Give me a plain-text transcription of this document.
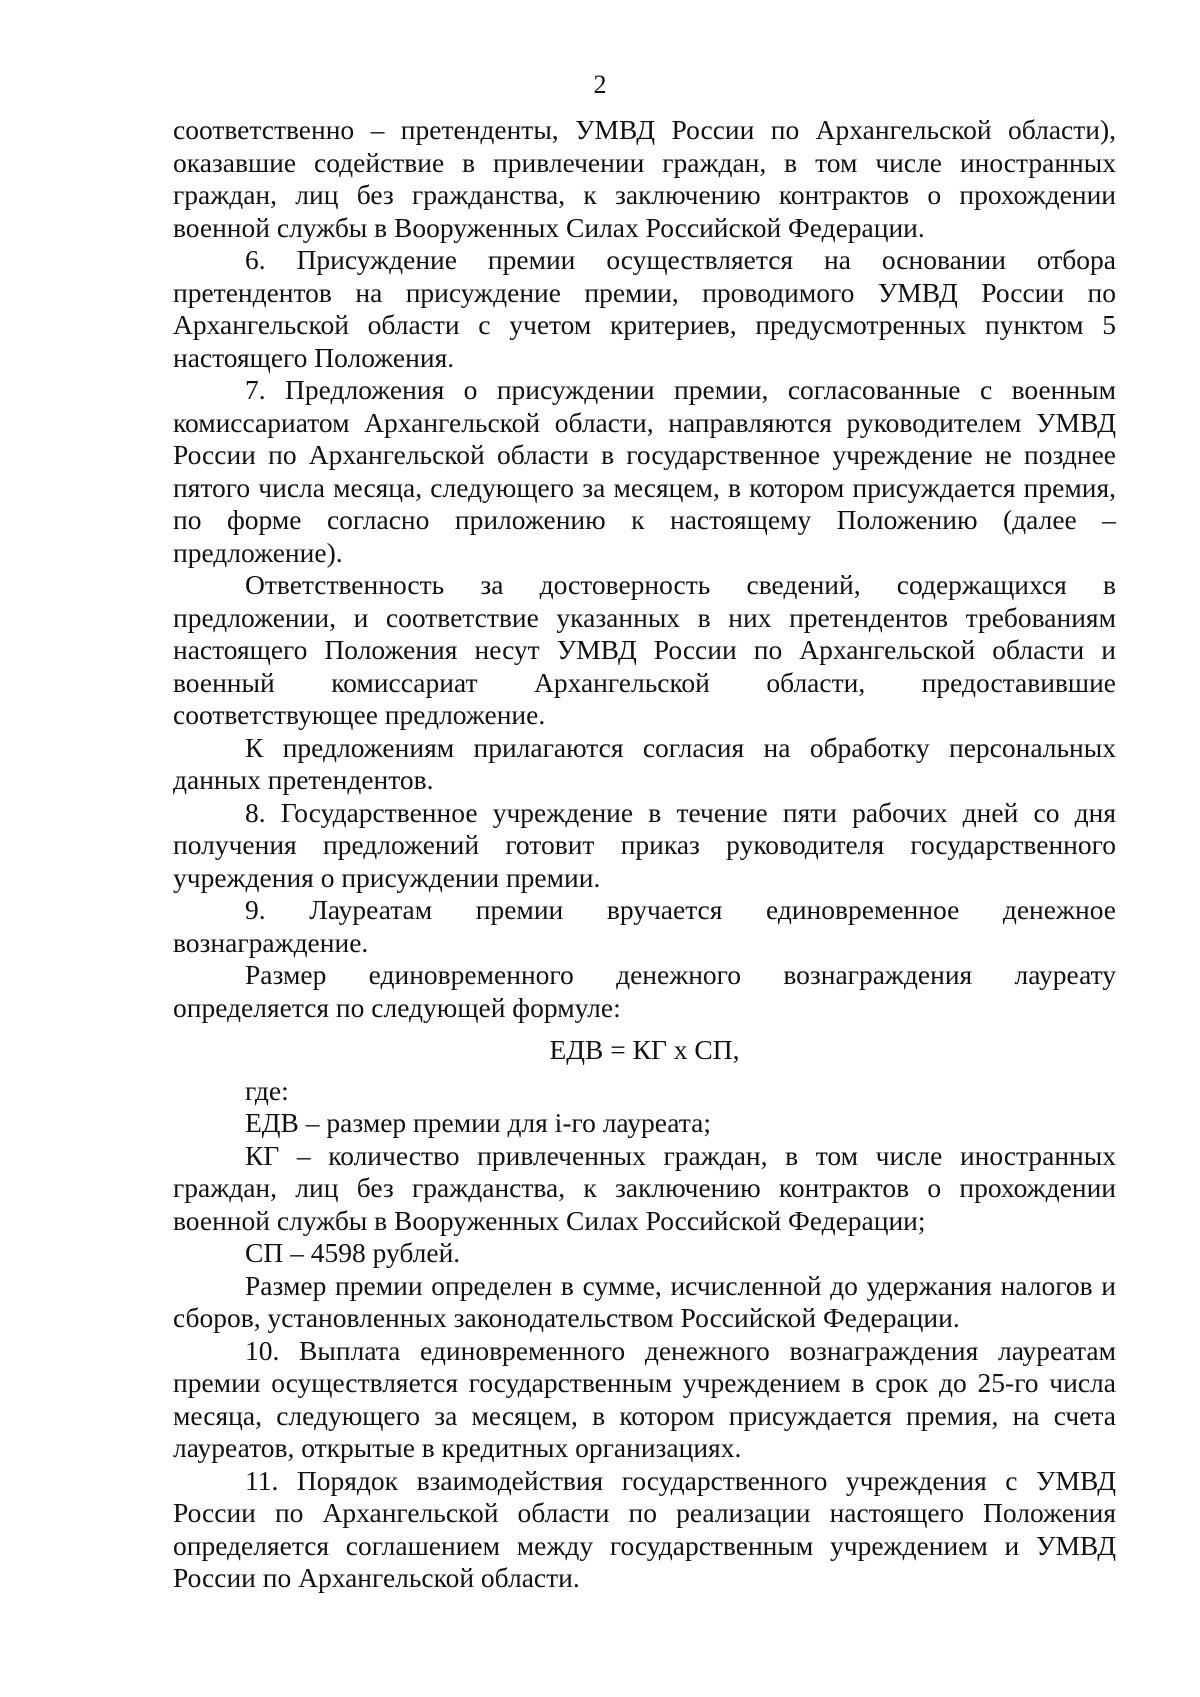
2

соответственно – претенденты, УМВД России по Архангельской области), оказавшие содействие в привлечении граждан, в том числе иностранных граждан, лиц без гражданства, к заключению контрактов о прохождении военной службы в Вооруженных Силах Российской Федерации.

6. Присуждение премии осуществляется на основании отбора претендентов на присуждение премии, проводимого УМВД России по Архангельской области с учетом критериев, предусмотренных пунктом 5 настоящего Положения.

7. Предложения о присуждении премии, согласованные с военным комиссариатом Архангельской области, направляются руководителем УМВД России по Архангельской области в государственное учреждение не позднее пятого числа месяца, следующего за месяцем, в котором присуждается премия, по форме согласно приложению к настоящему Положению (далее – предложение).

Ответственность за достоверность сведений, содержащихся в предложении, и соответствие указанных в них претендентов требованиям настоящего Положения несут УМВД России по Архангельской области и военный комиссариат Архангельской области, предоставившие соответствующее предложение.

К предложениям прилагаются согласия на обработку персональных данных претендентов.

8. Государственное учреждение в течение пяти рабочих дней со дня получения предложений готовит приказ руководителя государственного учреждения о присуждении премии.

9. Лауреатам премии вручается единовременное денежное вознаграждение.

Размер единовременного денежного вознаграждения лауреату определяется по следующей формуле:

ЕДВ = КГ х СП,

где:

ЕДВ – размер премии для i-го лауреата;

КГ – количество привлеченных граждан, в том числе иностранных граждан, лиц без гражданства, к заключению контрактов о прохождении военной службы в Вооруженных Силах Российской Федерации;

СП – 4598 рублей.

Размер премии определен в сумме, исчисленной до удержания налогов и сборов, установленных законодательством Российской Федерации.

10. Выплата единовременного денежного вознаграждения лауреатам премии осуществляется государственным учреждением в срок до 25-го числа месяца, следующего за месяцем, в котором присуждается премия, на счета лауреатов, открытые в кредитных организациях.

11. Порядок взаимодействия государственного учреждения с УМВД России по Архангельской области по реализации настоящего Положения определяется соглашением между государственным учреждением и УМВД России по Архангельской области.
